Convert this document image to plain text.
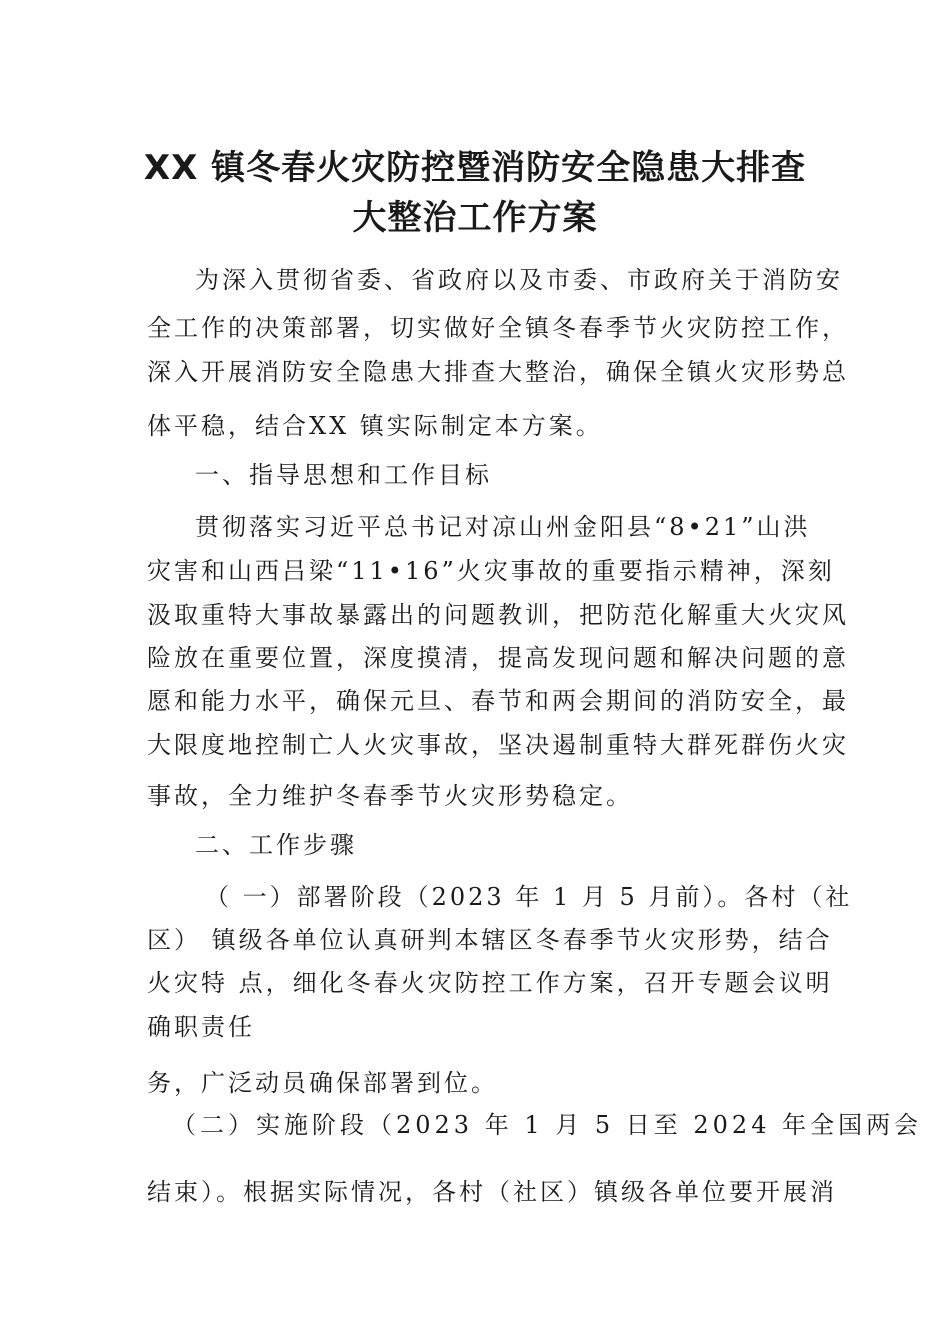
XX 镇冬春火灾防控暨消防安全隐患大排查
大整治工作方案
为深入贯彻省委、省政府以及市委、市政府关于消防安
全工作的决策部署，切实做好全镇冬春季节火灾防控工作，
深入开展消防安全隐患大排查大整治，确保全镇火灾形势总
体平稳，结合XX 镇实际制定本方案。
一、指导思想和工作目标
贯彻落实习近平总书记对凉山州金阳县“8•21”山洪
灾害和山西吕梁“11•16”火灾事故的重要指示精神，深刻
汲取重特大事故暴露出的问题教训，把防范化解重大火灾风
险放在重要位置，深度摸清，提高发现问题和解决问题的意
愿和能力水平，确保元旦、春节和两会期间的消防安全，最
大限度地控制亡人火灾事故，坚决遏制重特大群死群伤火灾
事故，全力维护冬春季节火灾形势稳定。
二、工作步骤
（ 一）部署阶段（2023 年 1 月 5 月前）。各村（社
区） 镇级各单位认真研判本辖区冬春季节火灾形势，结合
火灾特 点，细化冬春火灾防控工作方案，召开专题会议明
确职责任
务，广泛动员确保部署到位。
（二）实施阶段（2023 年 1 月 5 日至 2024 年全国两会
结束）。根据实际情况，各村（社区）镇级各单位要开展消
